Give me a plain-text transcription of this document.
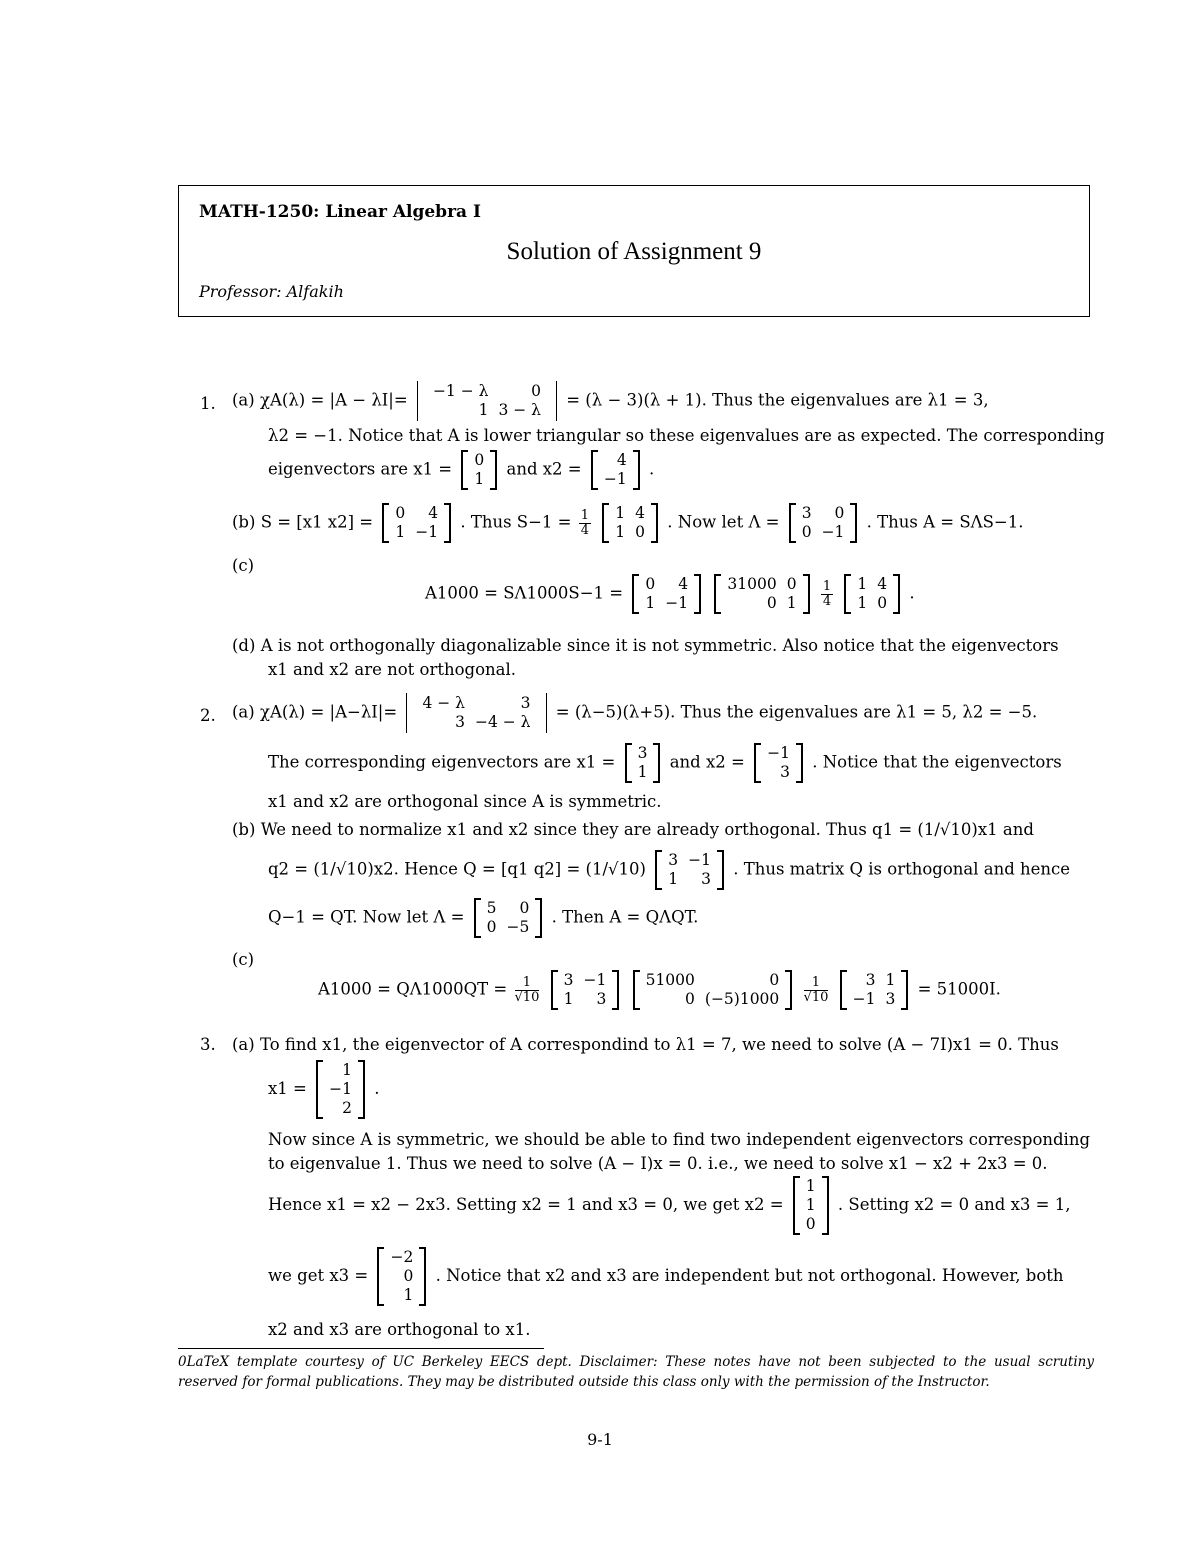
MATH-1250: Linear Algebra I
Solution of Assignment 9
Professor: Alfakih
1. (a) χA(λ) = |A − λI|= −1 − λ	0
1	3 − λ
= (λ − 3)(λ + 1). Thus the eigenvalues are λ1 = 3,
λ2 = −1. Notice that A is lower triangular so these eigenvalues are as expected. The corresponding
eigenvectors are x1 = 0
1
and x2 = 4
−1
.
(b) S = [x1 x2] = 0	4
1	−1
. Thus $S-1 = \frac{1}{4}$
1	4
1	0
. Now let Λ = 3	0
0	−1
. Thus A = SΛS−1.
(c)
A1000 = SΛ1000S−1 = 0	4
1	−1

31000	0
0	1
$\frac{1}{4}$
1	4
1	0
.
(d) A is not orthogonally diagonalizable since it is not symmetric. Also notice that the eigenvectors
x1 and x2 are not orthogonal.
2. (a) χA(λ) = |A−λI|= 4 − λ	3
3	−4 − λ
= (λ−5)(λ+5). Thus the eigenvalues are λ1 = 5, λ2 = −5.
The corresponding eigenvectors are x1 = 3
1
and x2 = −1
3
. Notice that the eigenvectors
x1 and x2 are orthogonal since A is symmetric.
(b) We need to normalize x1 and x2 since they are already orthogonal. Thus q1 = (1/√10)x1 and
q2 = (1/√10)x2. Hence Q = [q1 q2] = (1/√10) 3	−1
1	3
. Thus matrix Q is orthogonal and hence
Q−1 = QT. Now let Λ = 5	0
0	−5
. Then A = QΛQT.
(c)
$A1000 = Q\Lambda 1000QT = \frac{1}{√10}$
3	−1
1	3

51000	0
0	(−5)1000
$\frac{1}{√10}$
3	1
−1	3
= 51000I.
3. (a) To find x1, the eigenvector of A correspondind to λ1 = 7, we need to solve (A − 7I)x1 = 0. Thus
x1 =
1
−1
2
.
Now since A is symmetric, we should be able to find two independent eigenvectors corresponding
to eigenvalue 1. Thus we need to solve (A − I)x = 0. i.e., we need to solve x1 − x2 + 2x3 = 0.
Hence x1 = x2 − 2x3. Setting x2 = 1 and x3 = 0, we get x2 =
1
1
0
. Setting x2 = 0 and x3 = 1,
we get x3 =
−2
0
1
. Notice that x2 and x3 are independent but not orthogonal. However, both
x2 and x3 are orthogonal to x1.
0LaTeX template courtesy of UC Berkeley EECS dept. Disclaimer: These notes have not been subjected to the usual scrutiny reserved for formal publications. They may be distributed outside this class only with the permission of the Instructor.
9-1
